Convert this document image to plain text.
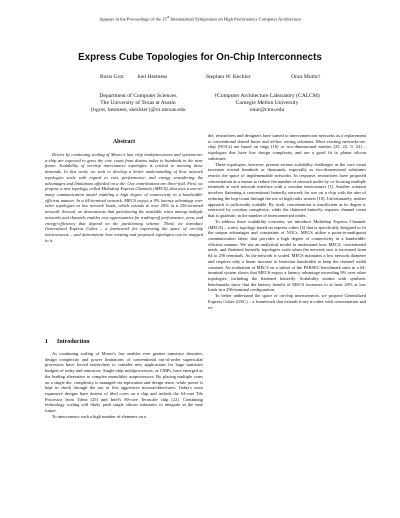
Appears in the Proceedings of the 15th International Symposium on High Performance Computer Architecture
Express Cube Topologies for On-Chip Interconnects
Boris Grot Joel Hestness	Stephen W. Keckler	Onur Mutlu†
Department of Computer Sciences
The University of Texas at Austin
{bgrot, hestness, skeckler}@cs.utexas.edu
†Computer Architecture Laboratory (CALCM)
Carnegie Mellon University
onur@cmu.edu
Abstract

Driven by continuing scaling of Moore's law, chip multiprocessors and systems-on-a-chip are expected to grow the core count from dozens today to hundreds in the near future. Scalability of on-chip interconnect topologies is critical to meeting these demands. In this work, we seek to develop a better understanding of how network topologies scale with regard to cost, performance, and energy considering the advantages and limitations afforded on a die. Our contributions are three-fold. First, we propose a new topology, called Multidrop Express Channels (MECS), that uses a one-to-many communication model enabling a high degree of connectivity in a bandwidth-efficient manner. In a 64-terminal network, MECS enjoys a 9% latency advantage over other topologies at low network loads, which extends to over 20% in a 256-terminal network. Second, we demonstrate that partitioning the available wires among multiple networks and channels enables new opportunities for trading-off performance, area, and energy-efficiency that depend on the partitioning scheme. Third, we introduce Generalized Express Cubes – a framework for expressing the space of on-chip interconnects – and demonstrate how existing and proposed topologies can be mapped to it.

1 Introduction

As continuing scaling of Moore's law enables ever greater transistor densities, design complexity and power limitations of conventional out-of-order superscalar processors have forced researchers to consider new applications for large transistor budgets of today and tomorrow. Single-chip multiprocessors, or CMPs, have emerged as the leading alternative to complex monolithic uniprocessors. By placing multiple cores on a single die, complexity is managed via replication and design reuse, while power is kept in check through the use of less aggressive microarchitectures. Today's most expansive designs have dozens of tiled cores on a chip and include the 64-core Tile Processor from Tilera [25] and Intel's 80-core Terascale chip [22]. Continuing technology scaling will likely push single silicon substrates to integrate in the near future.

To interconnect such a high number of elements on a

die, researchers and designers have turned to interconnection networks as a replacement to conventional shared buses and ad-hoc wiring solutions. Most existing networks-on-chip (NOCs) are based on rings [16] or two-dimensional meshes [25, 22, 9, 23] – topologies that have low design complexity and are a good fit to planar silicon substrates.

These topologies, however, present serious scalability challenges as the core count increases toward hundreds or thousands, especially as two-dimensional substrates restrict the space of implementable networks. In response, researchers have proposed concentration as a means to reduce the number of network nodes by co-locating multiple terminals at each network interface with a crossbar interconnect [1]. Another solution involves flattening a conventional butterfly network for use on a chip with the aim of reducing the hop-count through the use of high-radix routers [10]. Unfortunately, neither approach is sufficiently scalable. By itself, concentration is insufficient as its degree is restricted by crossbar complexity, while the flattened butterfly requires channel count that is quadratic in the number of interconnected nodes.

To address these scalability concerns, we introduce Multidrop Express Channels (MECS) – a new topology based on express cubes [4] that is specifically designed to fit the unique advantages and constraints of NOCs. MECS utilize a point-to-multipoint communication fabric that provides a high degree of connectivity in a bandwidth-efficient manner. We use an analytical model to understand how MECS, concentrated mesh, and flattened butterfly topologies scale when the network size is increased from 64 to 256 terminals. As the network is scaled, MECS maintains a low network diameter and requires only a linear increase in bisection bandwidth to keep the channel width constant. An evaluation of MECS on a subset of the PARSEC benchmark suite in a 64-terminal system shows that MECS enjoys a latency advantage exceeding 9% over other topologies, including the flattened butterfly. Scalability studies with synthetic benchmarks show that the latency benefit of MECS increases to at least 20% at low loads in a 256-terminal configuration.

To better understand the space of on-chip interconnects, we propose Generalized Express Cubes (GEC) – a framework that extends k-ary n-cubes with concentration and ex-
